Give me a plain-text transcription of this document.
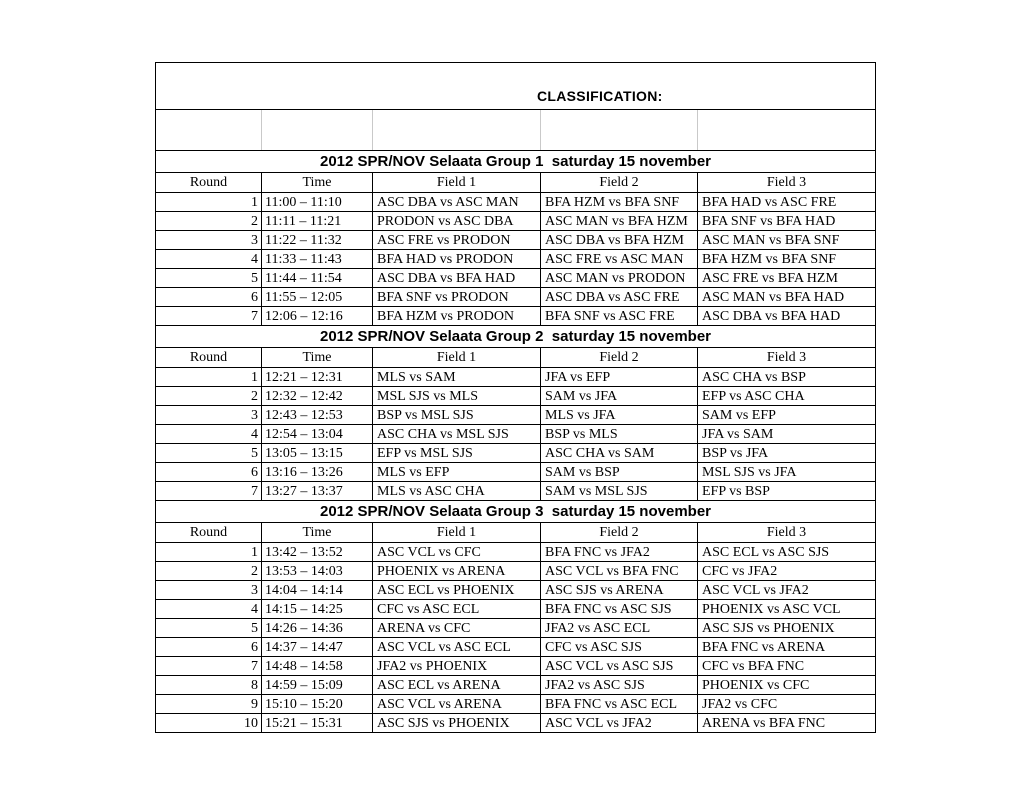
CLASSIFICATION:				

2012 SPR/NOV Selaata Group 1  saturday 15 november				
Round	Time	Field 1	Field 2	Field 3
1	11:00 – 11:10	ASC DBA vs ASC MAN	BFA HZM vs BFA SNF	BFA HAD vs ASC FRE
2	11:11 – 11:21	PRODON vs ASC DBA	ASC MAN vs BFA HZM	BFA SNF vs BFA HAD
3	11:22 – 11:32	ASC FRE vs PRODON	ASC DBA vs BFA HZM	ASC MAN vs BFA SNF
4	11:33 – 11:43	BFA HAD vs PRODON	ASC FRE vs ASC MAN	BFA HZM vs BFA SNF
5	11:44 – 11:54	ASC DBA vs BFA HAD	ASC MAN vs PRODON	ASC FRE vs BFA HZM
6	11:55 – 12:05	BFA SNF vs PRODON	ASC DBA vs ASC FRE	ASC MAN vs BFA HAD
7	12:06 – 12:16	BFA HZM vs PRODON	BFA SNF vs ASC FRE	ASC DBA vs BFA HAD
2012 SPR/NOV Selaata Group 2  saturday 15 november				
Round	Time	Field 1	Field 2	Field 3
1	12:21 – 12:31	MLS vs SAM	JFA vs EFP	ASC CHA vs BSP
2	12:32 – 12:42	MSL SJS vs MLS	SAM vs JFA	EFP vs ASC CHA
3	12:43 – 12:53	BSP vs MSL SJS	MLS vs JFA	SAM vs EFP
4	12:54 – 13:04	ASC CHA vs MSL SJS	BSP vs MLS	JFA vs SAM
5	13:05 – 13:15	EFP vs MSL SJS	ASC CHA vs SAM	BSP vs JFA
6	13:16 – 13:26	MLS vs EFP	SAM vs BSP	MSL SJS vs JFA
7	13:27 – 13:37	MLS vs ASC CHA	SAM vs MSL SJS	EFP vs BSP
2012 SPR/NOV Selaata Group 3  saturday 15 november				
Round	Time	Field 1	Field 2	Field 3
1	13:42 – 13:52	ASC VCL vs CFC	BFA FNC vs JFA2	ASC ECL vs ASC SJS
2	13:53 – 14:03	PHOENIX vs ARENA	ASC VCL vs BFA FNC	CFC vs JFA2
3	14:04 – 14:14	ASC ECL vs PHOENIX	ASC SJS vs ARENA	ASC VCL vs JFA2
4	14:15 – 14:25	CFC vs ASC ECL	BFA FNC vs ASC SJS	PHOENIX vs ASC VCL
5	14:26 – 14:36	ARENA vs CFC	JFA2 vs ASC ECL	ASC SJS vs PHOENIX
6	14:37 – 14:47	ASC VCL vs ASC ECL	CFC vs ASC SJS	BFA FNC vs ARENA
7	14:48 – 14:58	JFA2 vs PHOENIX	ASC VCL vs ASC SJS	CFC vs BFA FNC
8	14:59 – 15:09	ASC ECL vs ARENA	JFA2 vs ASC SJS	PHOENIX vs CFC
9	15:10 – 15:20	ASC VCL vs ARENA	BFA FNC vs ASC ECL	JFA2 vs CFC
10	15:21 – 15:31	ASC SJS vs PHOENIX	ASC VCL vs JFA2	ARENA vs BFA FNC
